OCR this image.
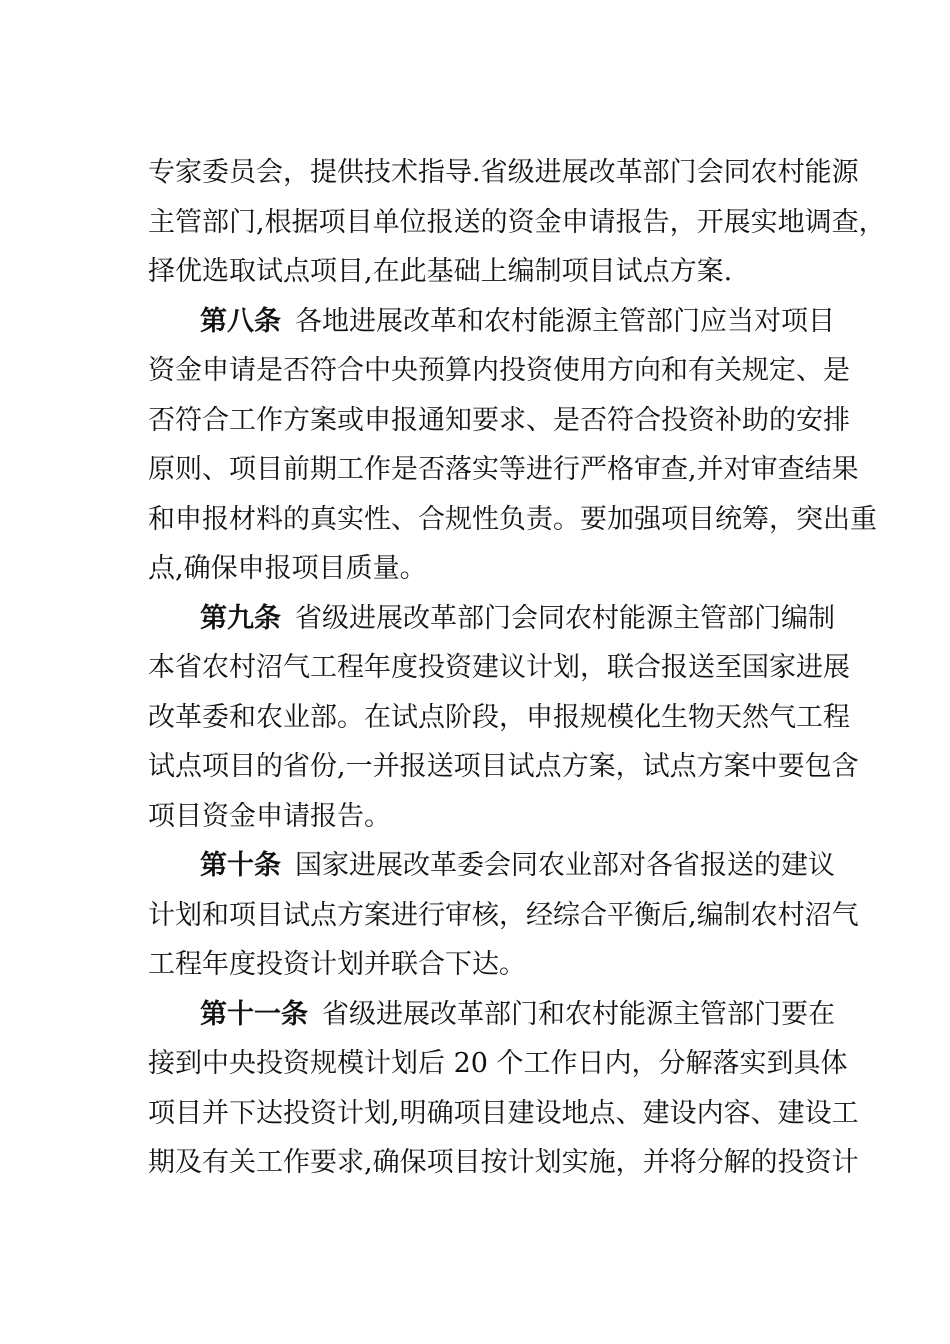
专家委员会，提供技术指导.省级进展改革部门会同农村能源
主管部门,根据项目单位报送的资金申请报告，开展实地调查，
择优选取试点项目,在此基础上编制项目试点方案.
第八条 各地进展改革和农村能源主管部门应当对项目
资金申请是否符合中央预算内投资使用方向和有关规定、是
否符合工作方案或申报通知要求、是否符合投资补助的安排
原则、项目前期工作是否落实等进行严格审查,并对审查结果
和申报材料的真实性、合规性负责。要加强项目统筹，突出重
点,确保申报项目质量。
第九条 省级进展改革部门会同农村能源主管部门编制
本省农村沼气工程年度投资建议计划，联合报送至国家进展
改革委和农业部。在试点阶段，申报规模化生物天然气工程
试点项目的省份,一并报送项目试点方案，试点方案中要包含
项目资金申请报告。
第十条 国家进展改革委会同农业部对各省报送的建议
计划和项目试点方案进行审核，经综合平衡后,编制农村沼气
工程年度投资计划并联合下达。
第十一条 省级进展改革部门和农村能源主管部门要在
接到中央投资规模计划后 20 个工作日内，分解落实到具体
项目并下达投资计划,明确项目建设地点、建设内容、建设工
期及有关工作要求,确保项目按计划实施，并将分解的投资计
